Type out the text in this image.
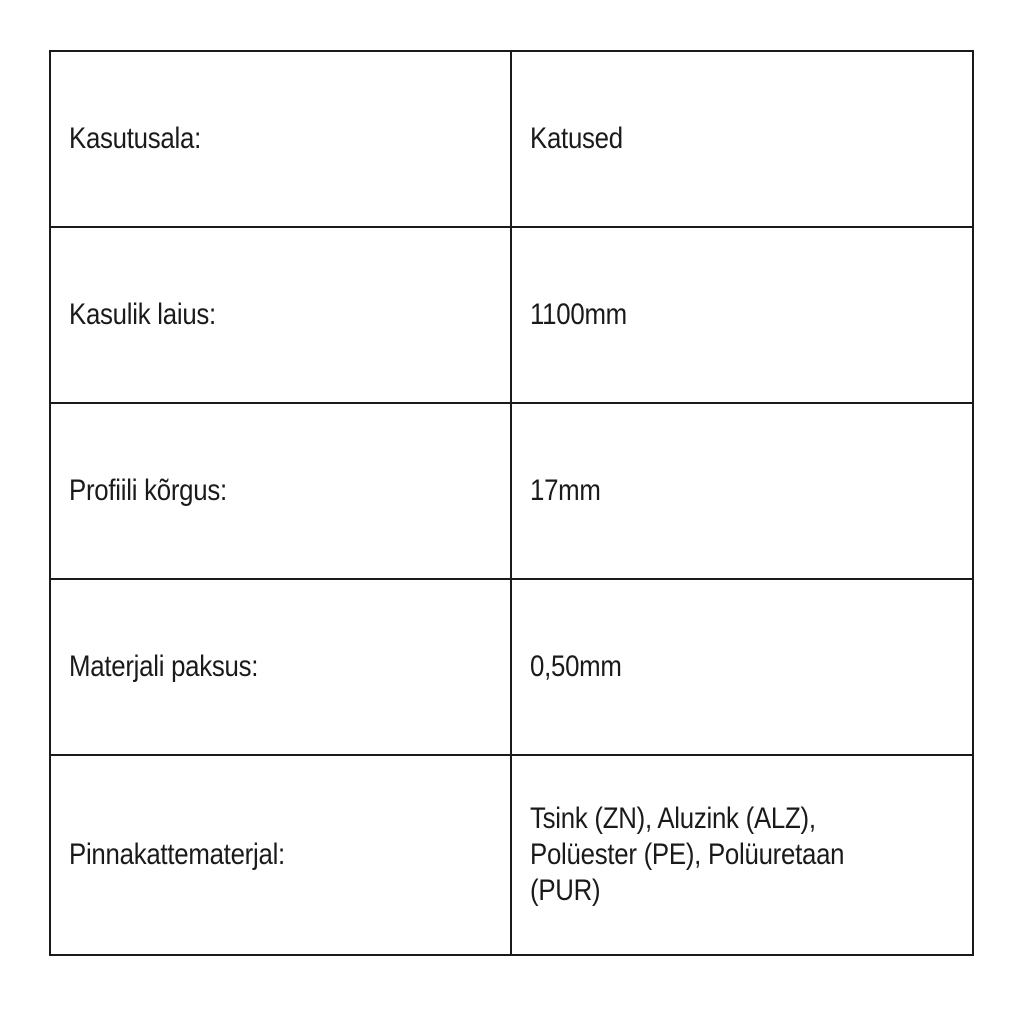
Kasutusala:	Katused
Kasulik laius:	1100mm
Profiili kõrgus:	17mm
Materjali paksus:	0,50mm
Pinnakattematerjal:	Tsink (ZN), Aluzink (ALZ),
Polüester (PE), Polüuretaan
(PUR)
